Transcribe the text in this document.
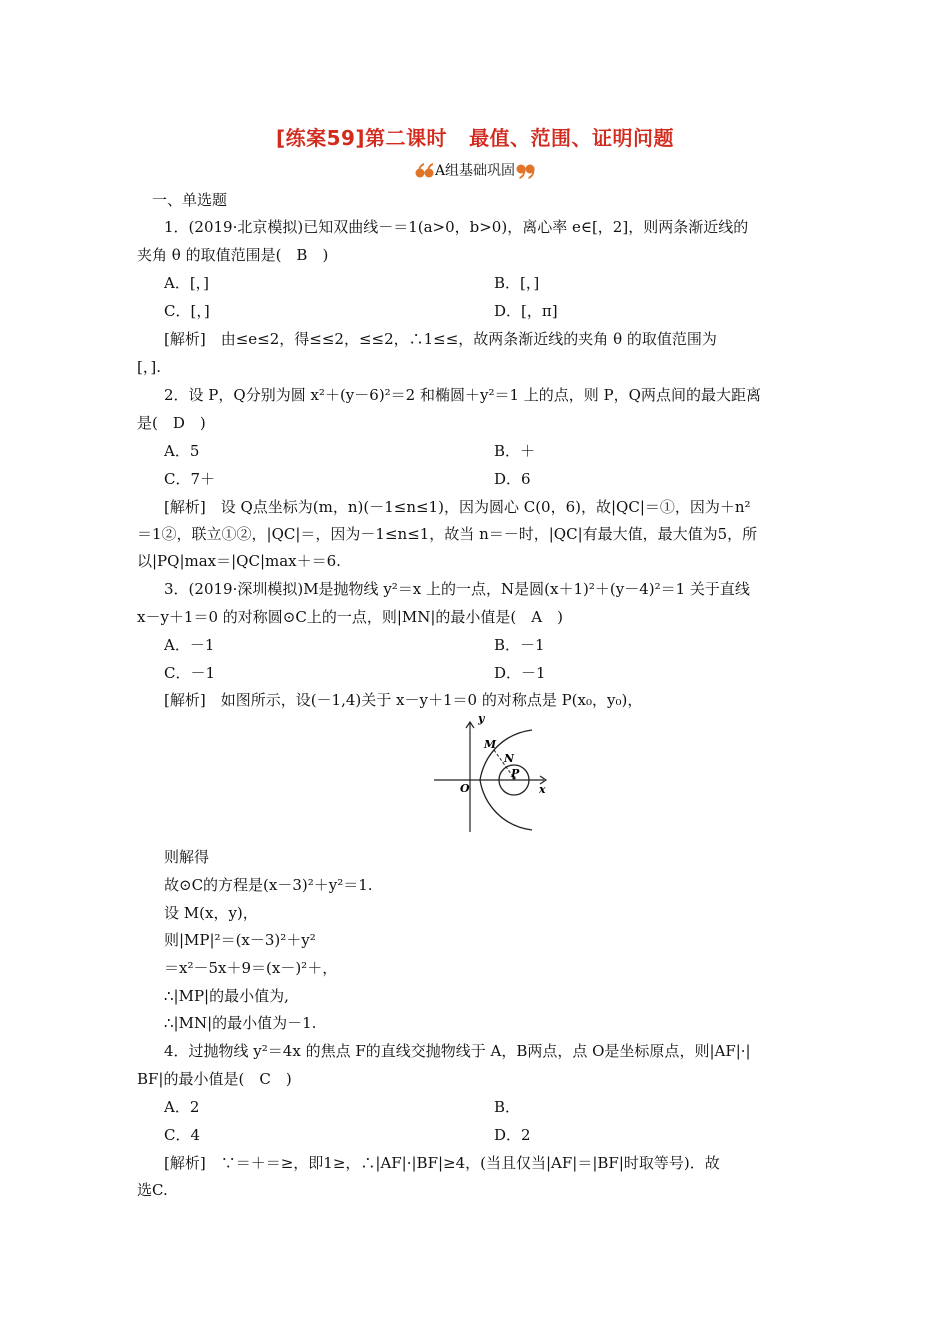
[练案59]第二课时 最值、范围、证明问题
A组基础巩固
一、单选题
1．(2019·北京模拟)已知双曲线－＝1(a>0，b>0)，离心率 e∈[，2]，则两条渐近线的
夹角 θ 的取值范围是(　B　)
A．[，]	B．[，]
C．[，]	D．[，π]
[解析]　由≤e≤2，得≤≤2，≤≤2，∴1≤≤，故两条渐近线的夹角 θ 的取值范围为
[，].
2．设 P，Q分别为圆 x²＋(y－6)²＝2 和椭圆＋y²＝1 上的点，则 P，Q两点间的最大距离
是(　D　)
A．5	B．＋
C．7＋	D．6
[解析]　设 Q点坐标为(m，n)(－1≤n≤1)，因为圆心 C(0，6)，故|QC|＝①，因为＋n²
＝1②，联立①②，|QC|＝，因为－1≤n≤1，故当 n＝－时，|QC|有最大值，最大值为5，所
以|PQ|max＝|QC|max＋＝6.
3．(2019·深圳模拟)M是抛物线 y²＝x 上的一点，N是圆(x＋1)²＋(y－4)²＝1 关于直线
x－y＋1＝0 的对称圆⊙C上的一点，则|MN|的最小值是(　A　)
A．－1	B．－1
C．－1	D．－1
[解析]　如图所示，设(－1,4)关于 x－y＋1＝0 的对称点是 P(x₀，y₀)，
y
x
O
M
N
P
则解得
故⊙C的方程是(x－3)²＋y²＝1.
设 M(x，y)，
则|MP|²＝(x－3)²＋y²
＝x²－5x＋9＝(x－)²＋，
∴|MP|的最小值为,
∴|MN|的最小值为－1.
4．过抛物线 y²＝4x 的焦点 F的直线交抛物线于 A，B两点，点 O是坐标原点，则|AF|·|
BF|的最小值是(　C　)
A．2	B．
C．4	D．2
[解析]　∵＝＋＝≥，即1≥，∴|AF|·|BF|≥4，(当且仅当|AF|＝|BF|时取等号)．故
选C.
